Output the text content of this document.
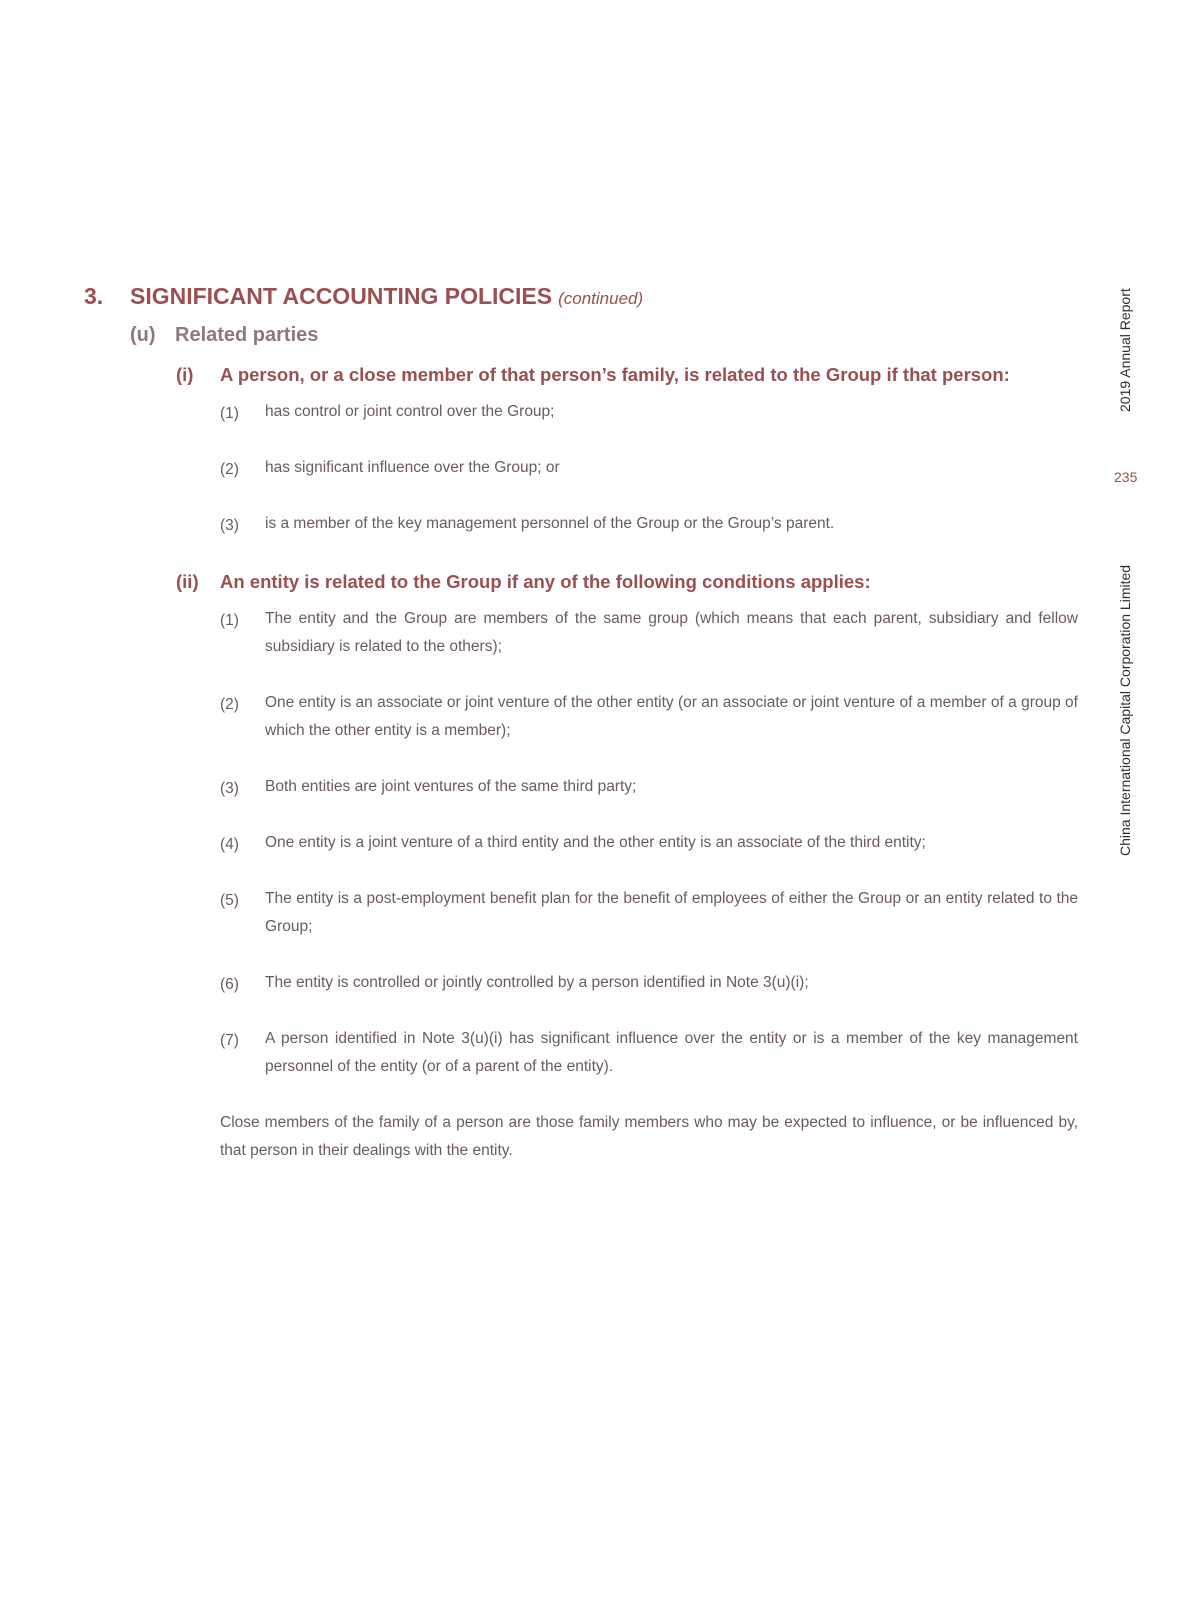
3. SIGNIFICANT ACCOUNTING POLICIES (continued)
(u) Related parties
(i) A person, or a close member of that person’s family, is related to the Group if that person:
(1) has control or joint control over the Group;
(2) has significant influence over the Group; or
(3) is a member of the key management personnel of the Group or the Group’s parent.
(ii) An entity is related to the Group if any of the following conditions applies:
(1) The entity and the Group are members of the same group (which means that each parent, subsidiary and fellow subsidiary is related to the others);
(2) One entity is an associate or joint venture of the other entity (or an associate or joint venture of a member of a group of which the other entity is a member);
(3) Both entities are joint ventures of the same third party;
(4) One entity is a joint venture of a third entity and the other entity is an associate of the third entity;
(5) The entity is a post-employment benefit plan for the benefit of employees of either the Group or an entity related to the Group;
(6) The entity is controlled or jointly controlled by a person identified in Note 3(u)(i);
(7) A person identified in Note 3(u)(i) has significant influence over the entity or is a member of the key management personnel of the entity (or of a parent of the entity).
Close members of the family of a person are those family members who may be expected to influence, or be influenced by, that person in their dealings with the entity.
2019 Annual Report
235
China International Capital Corporation Limited
